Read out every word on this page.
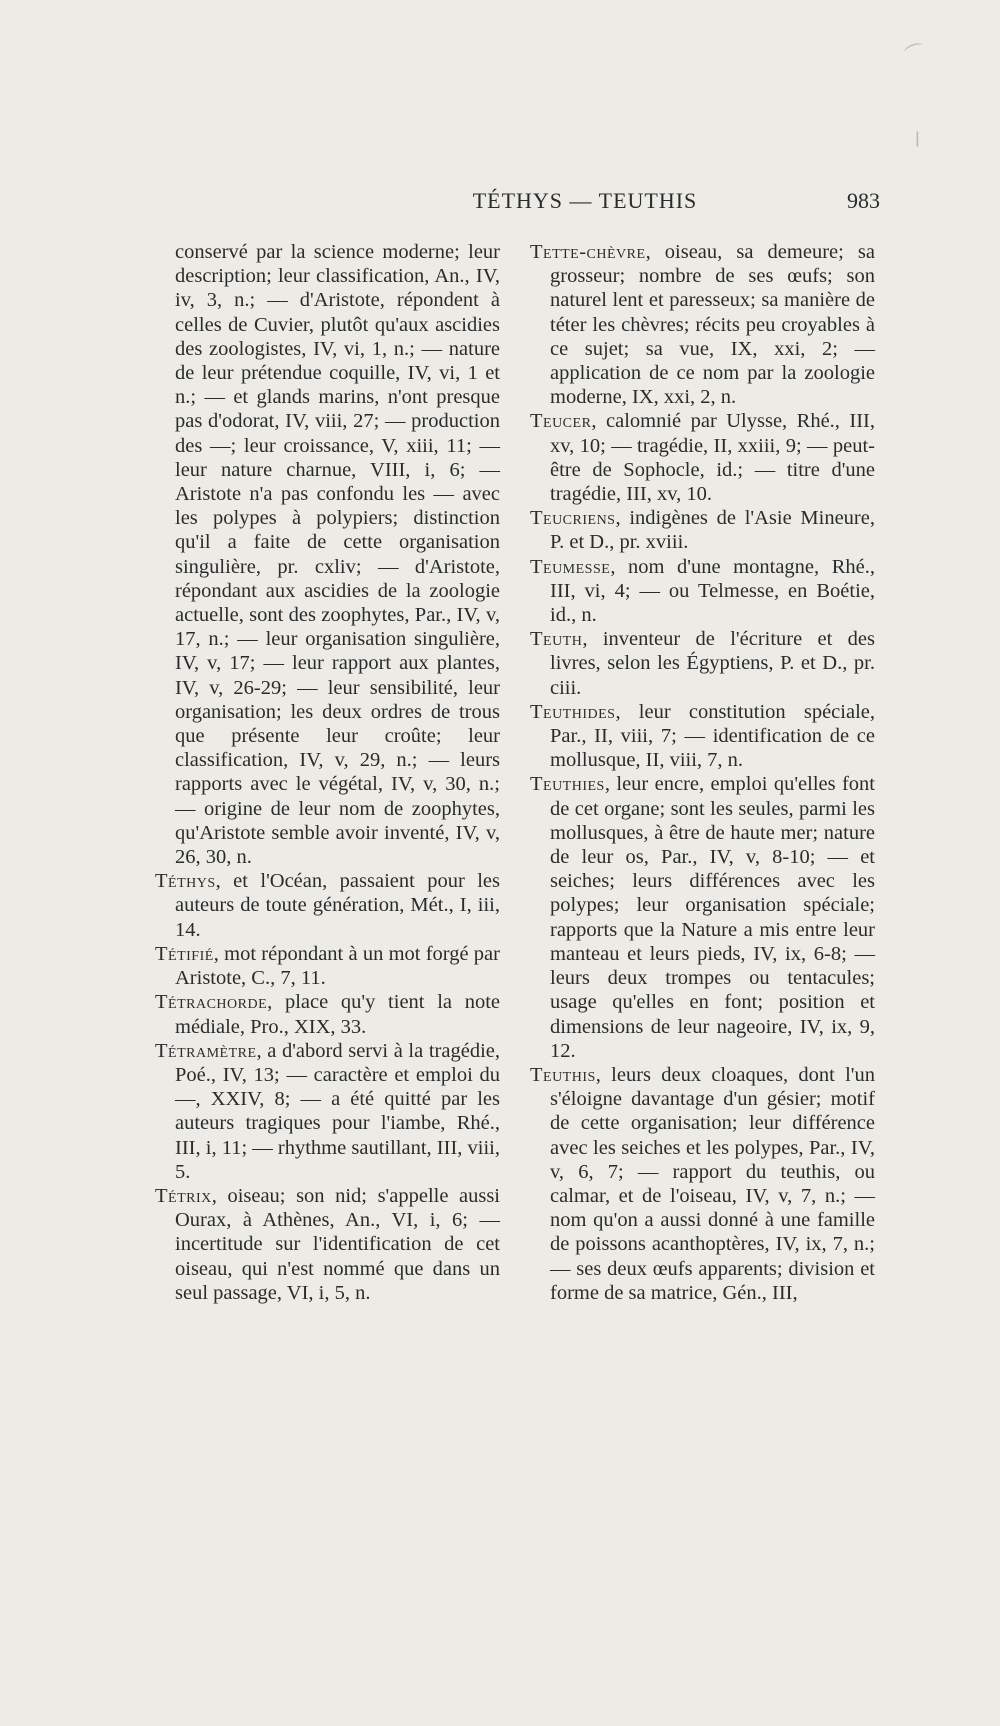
⌒
ǀ
TÉTHYS — TEUTHIS	983

conservé par la science moderne; leur description; leur classification, An., IV, iv, 3, n.; — d'Aristote, répondent à celles de Cuvier, plutôt qu'aux ascidies des zoologistes, IV, vi, 1, n.; — nature de leur prétendue coquille, IV, vi, 1 et n.; — et glands marins, n'ont presque pas d'odorat, IV, viii, 27; — production des —; leur croissance, V, xiii, 11; — leur nature charnue, VIII, i, 6; — Aristote n'a pas confondu les — avec les polypes à polypiers; distinction qu'il a faite de cette organisation singulière, pr. cxliv; — d'Aristote, répondant aux ascidies de la zoologie actuelle, sont des zoophytes, Par., IV, v, 17, n.; — leur organisation singulière, IV, v, 17; — leur rapport aux plantes, IV, v, 26-29; — leur sensibilité, leur organisation; les deux ordres de trous que présente leur croûte; leur classification, IV, v, 29, n.; — leurs rapports avec le végétal, IV, v, 30, n.; — origine de leur nom de zoophytes, qu'Aristote semble avoir inventé, IV, v, 26, 30, n.

Téthys, et l'Océan, passaient pour les auteurs de toute génération, Mét., I, iii, 14.

Tétifié, mot répondant à un mot forgé par Aristote, C., 7, 11.

Tétrachorde, place qu'y tient la note médiale, Pro., XIX, 33.

Tétramètre, a d'abord servi à la tragédie, Poé., IV, 13; — caractère et emploi du —, XXIV, 8; — a été quitté par les auteurs tragiques pour l'iambe, Rhé., III, i, 11; — rhythme sautillant, III, viii, 5.

Tétrix, oiseau; son nid; s'appelle aussi Ourax, à Athènes, An., VI, i, 6; — incertitude sur l'identification de cet oiseau, qui n'est nommé que dans un seul passage, VI, i, 5, n.

Tette-chèvre, oiseau, sa demeure; sa grosseur; nombre de ses œufs; son naturel lent et paresseux; sa manière de téter les chèvres; récits peu croyables à ce sujet; sa vue, IX, xxi, 2; — application de ce nom par la zoologie moderne, IX, xxi, 2, n.

Teucer, calomnié par Ulysse, Rhé., III, xv, 10; — tragédie, II, xxiii, 9; — peut-être de Sophocle, id.; — titre d'une tragédie, III, xv, 10.

Teucriens, indigènes de l'Asie Mineure, P. et D., pr. xviii.

Teumesse, nom d'une montagne, Rhé., III, vi, 4; — ou Telmesse, en Boétie, id., n.

Teuth, inventeur de l'écriture et des livres, selon les Égyptiens, P. et D., pr. ciii.

Teuthides, leur constitution spéciale, Par., II, viii, 7; — identification de ce mollusque, II, viii, 7, n.

Teuthies, leur encre, emploi qu'elles font de cet organe; sont les seules, parmi les mollusques, à être de haute mer; nature de leur os, Par., IV, v, 8-10; — et seiches; leurs différences avec les polypes; leur organisation spéciale; rapports que la Nature a mis entre leur manteau et leurs pieds, IV, ix, 6-8; — leurs deux trompes ou tentacules; usage qu'elles en font; position et dimensions de leur nageoire, IV, ix, 9, 12.

Teuthis, leurs deux cloaques, dont l'un s'éloigne davantage d'un gésier; motif de cette organisation; leur différence avec les seiches et les polypes, Par., IV, v, 6, 7; — rapport du teuthis, ou calmar, et de l'oiseau, IV, v, 7, n.; — nom qu'on a aussi donné à une famille de poissons acanthoptères, IV, ix, 7, n.; — ses deux œufs apparents; division et forme de sa matrice, Gén., III,
